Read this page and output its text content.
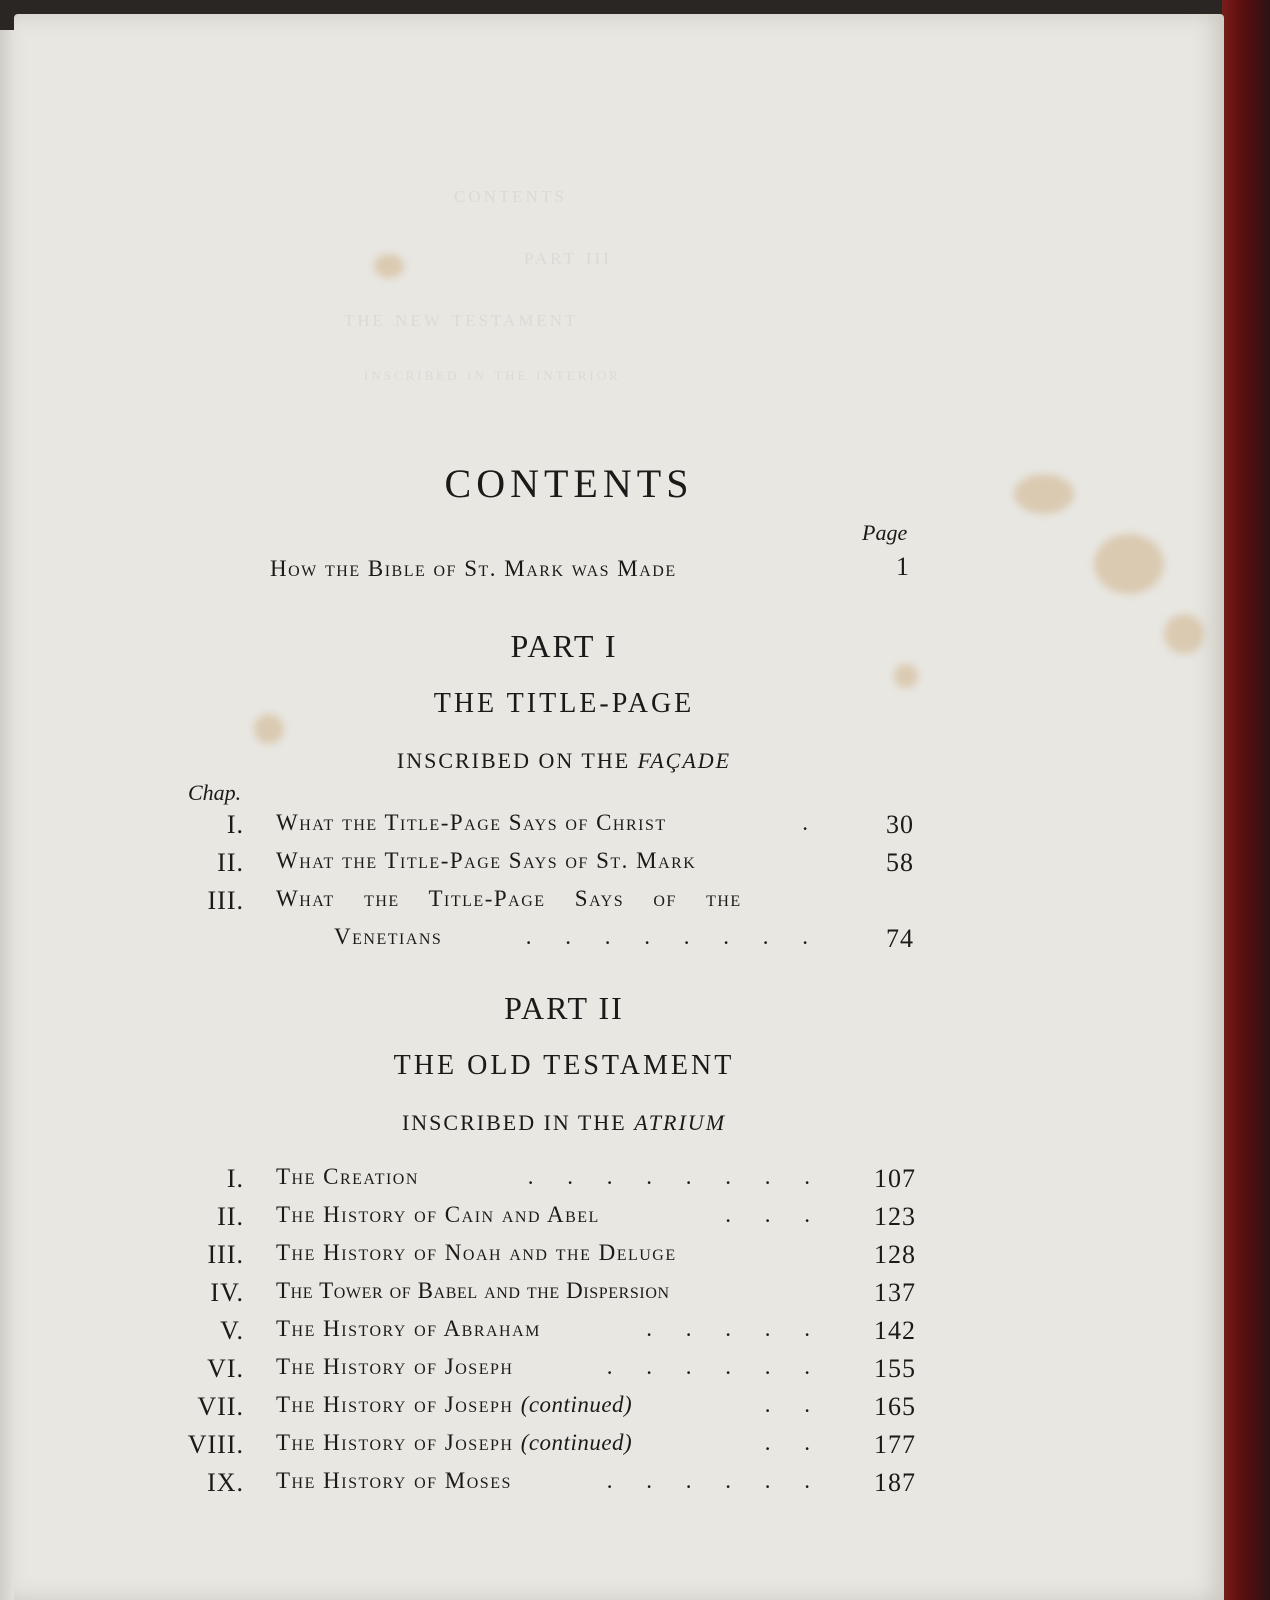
contents
part iii
the new testament
inscribed in the interior
CONTENTS
Page
How the Bible of St. Mark was Made	1
PART I
THE TITLE-PAGE
INSCRIBED ON THE FAÇADE
Chap.
I. What the Title-Page Says of Christ	.	30
II. What the Title-Page Says of St. Mark	58
III. What the Title-Page Says of the
Venetians	. . . . . . . .	74
PART II
THE OLD TESTAMENT
INSCRIBED IN THE ATRIUM
I. The Creation	. . . . . . . .	107
II. The History of Cain and Abel	. . .	123
III. The History of Noah and the Deluge	128
IV. The Tower of Babel and the Dispersion	137
V. The History of Abraham	. . . . .	142
VI. The History of Joseph	. . . . . .	155
VII. The History of Joseph
(continued)	. .	165
VIII. The History of Joseph
(continued)	. .	177
IX. The History of Moses	. . . . . .	187
